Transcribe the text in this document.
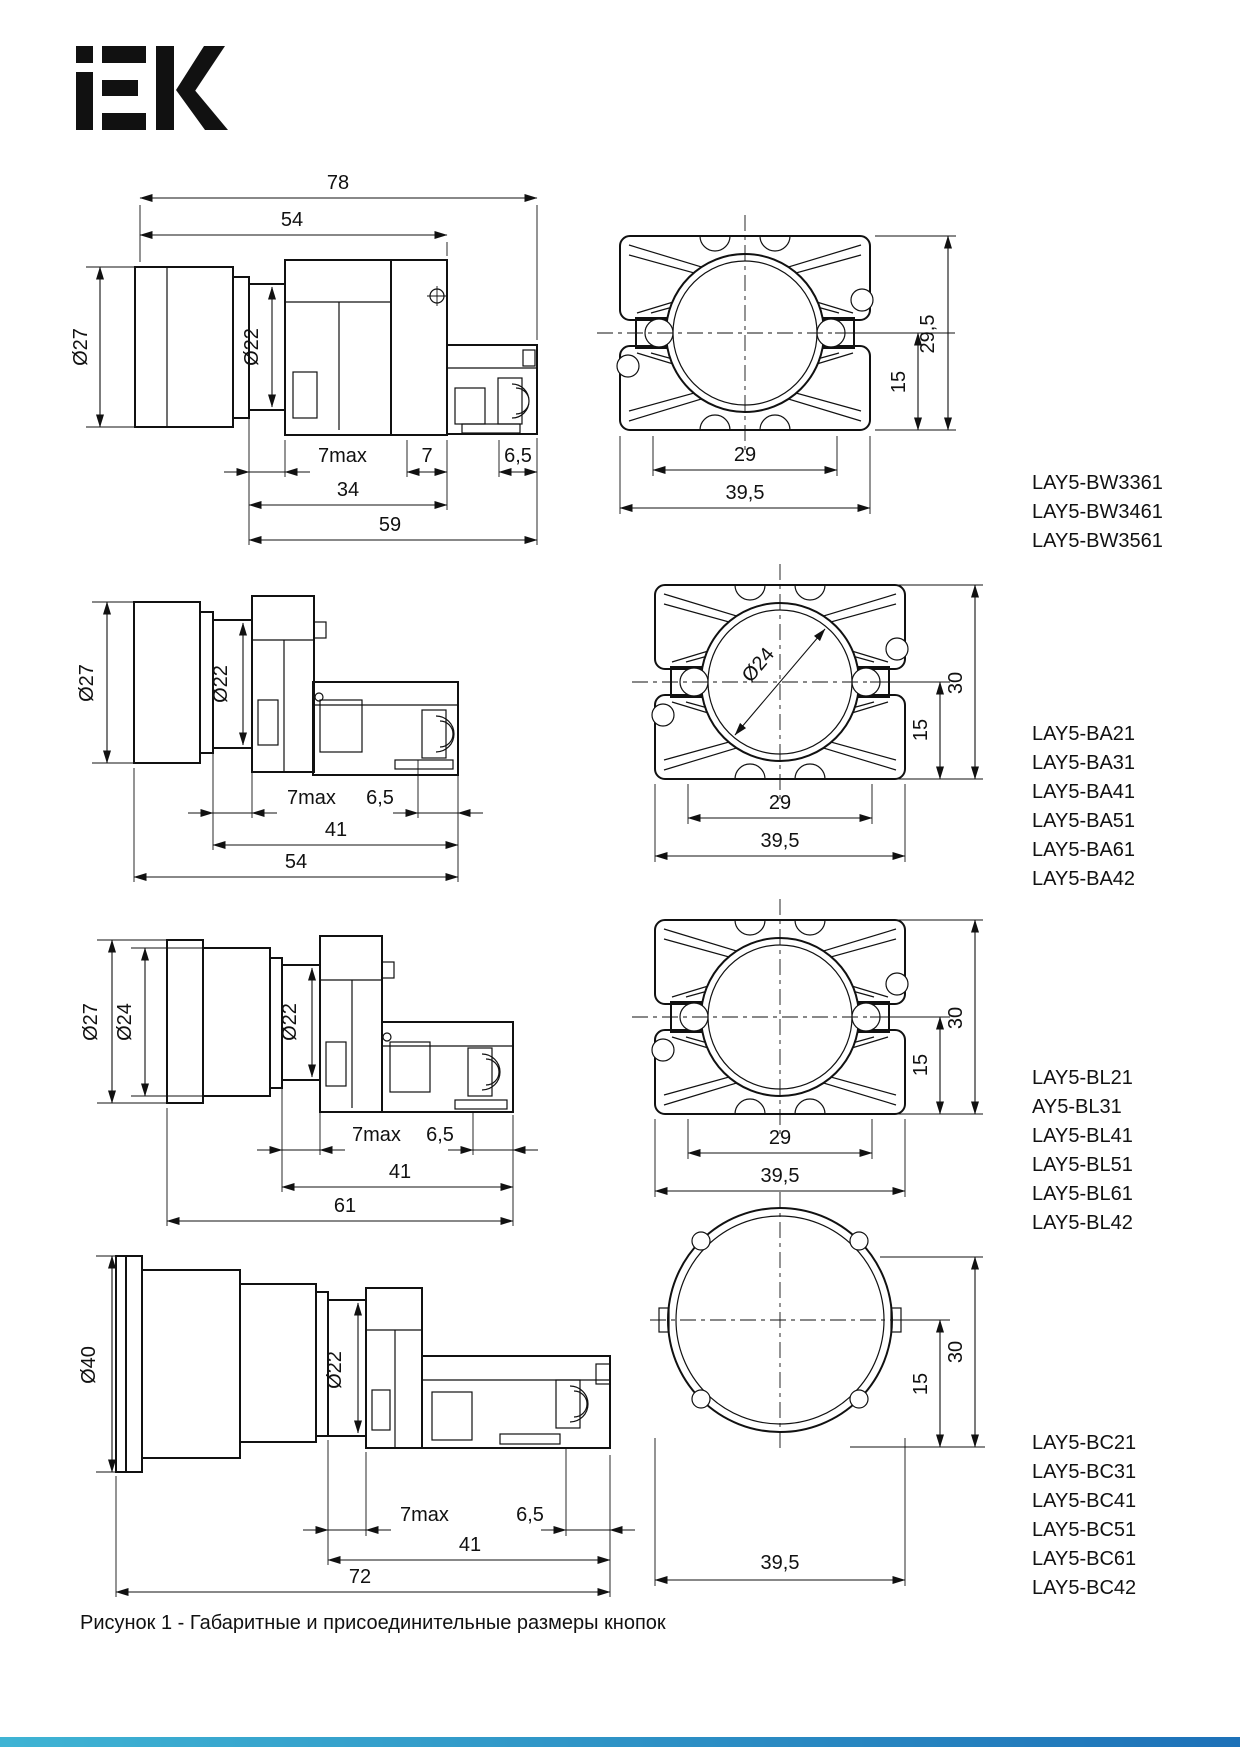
78
54
Ø27	Ø22
7max	7	6,5
34
59
29
39,5
15
29,5
Ø27	Ø22
7max 6,5
41
54
Ø24
29
39,5
15
30
Ø27 Ø24	Ø22
7max 6,5
41
61
29
39,5
15
30
Ø40	Ø22
7max	6,5
41
72
15
30
39,5
LAY5-BW3361
LAY5-BW3461
LAY5-BW3561
LAY5-BA21
LAY5-BA31
LAY5-BA41
LAY5-BA51
LAY5-BA61
LAY5-BA42
LAY5-BL21
AY5-BL31
LAY5-BL41
LAY5-BL51
LAY5-BL61
LAY5-BL42
LAY5-BC21
LAY5-BC31
LAY5-BC41
LAY5-BC51
LAY5-BC61
LAY5-BC42
Рисунок 1 - Габаритные и присоединительные размеры кнопок
